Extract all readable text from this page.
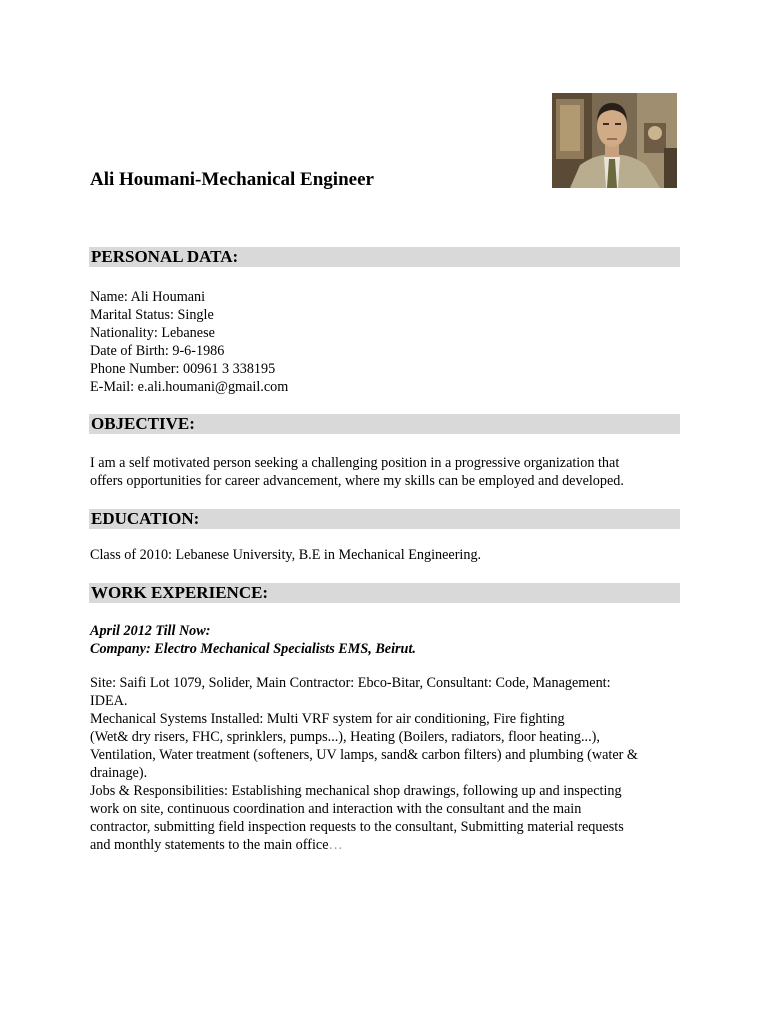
Ali Houmani-Mechanical Engineer
PERSONAL DATA:
Name: Ali Houmani
Marital Status: Single
Nationality: Lebanese
Date of Birth: 9-6-1986
Phone Number: 00961 3 338195
E-Mail: e.ali.houmani@gmail.com
OBJECTIVE:
I am a self motivated person seeking a challenging position in a progressive organization that
offers opportunities for career advancement, where my skills can be employed and developed.
EDUCATION:
Class of 2010: Lebanese University, B.E in Mechanical Engineering.
WORK EXPERIENCE:
April 2012 Till Now:
Company: Electro Mechanical Specialists EMS, Beirut.
Site: Saifi Lot 1079, Solider, Main Contractor: Ebco-Bitar, Consultant: Code, Management:
IDEA.
Mechanical Systems Installed: Multi VRF system for air conditioning, Fire fighting
(Wet& dry risers, FHC, sprinklers, pumps...), Heating (Boilers, radiators, floor heating...),
Ventilation, Water treatment (softeners, UV lamps, sand& carbon filters) and plumbing (water &
drainage).
Jobs & Responsibilities: Establishing mechanical shop drawings, following up and inspecting
work on site, continuous coordination and interaction with the consultant and the main
contractor, submitting field inspection requests to the consultant, Submitting material requests
and monthly statements to the main office…
